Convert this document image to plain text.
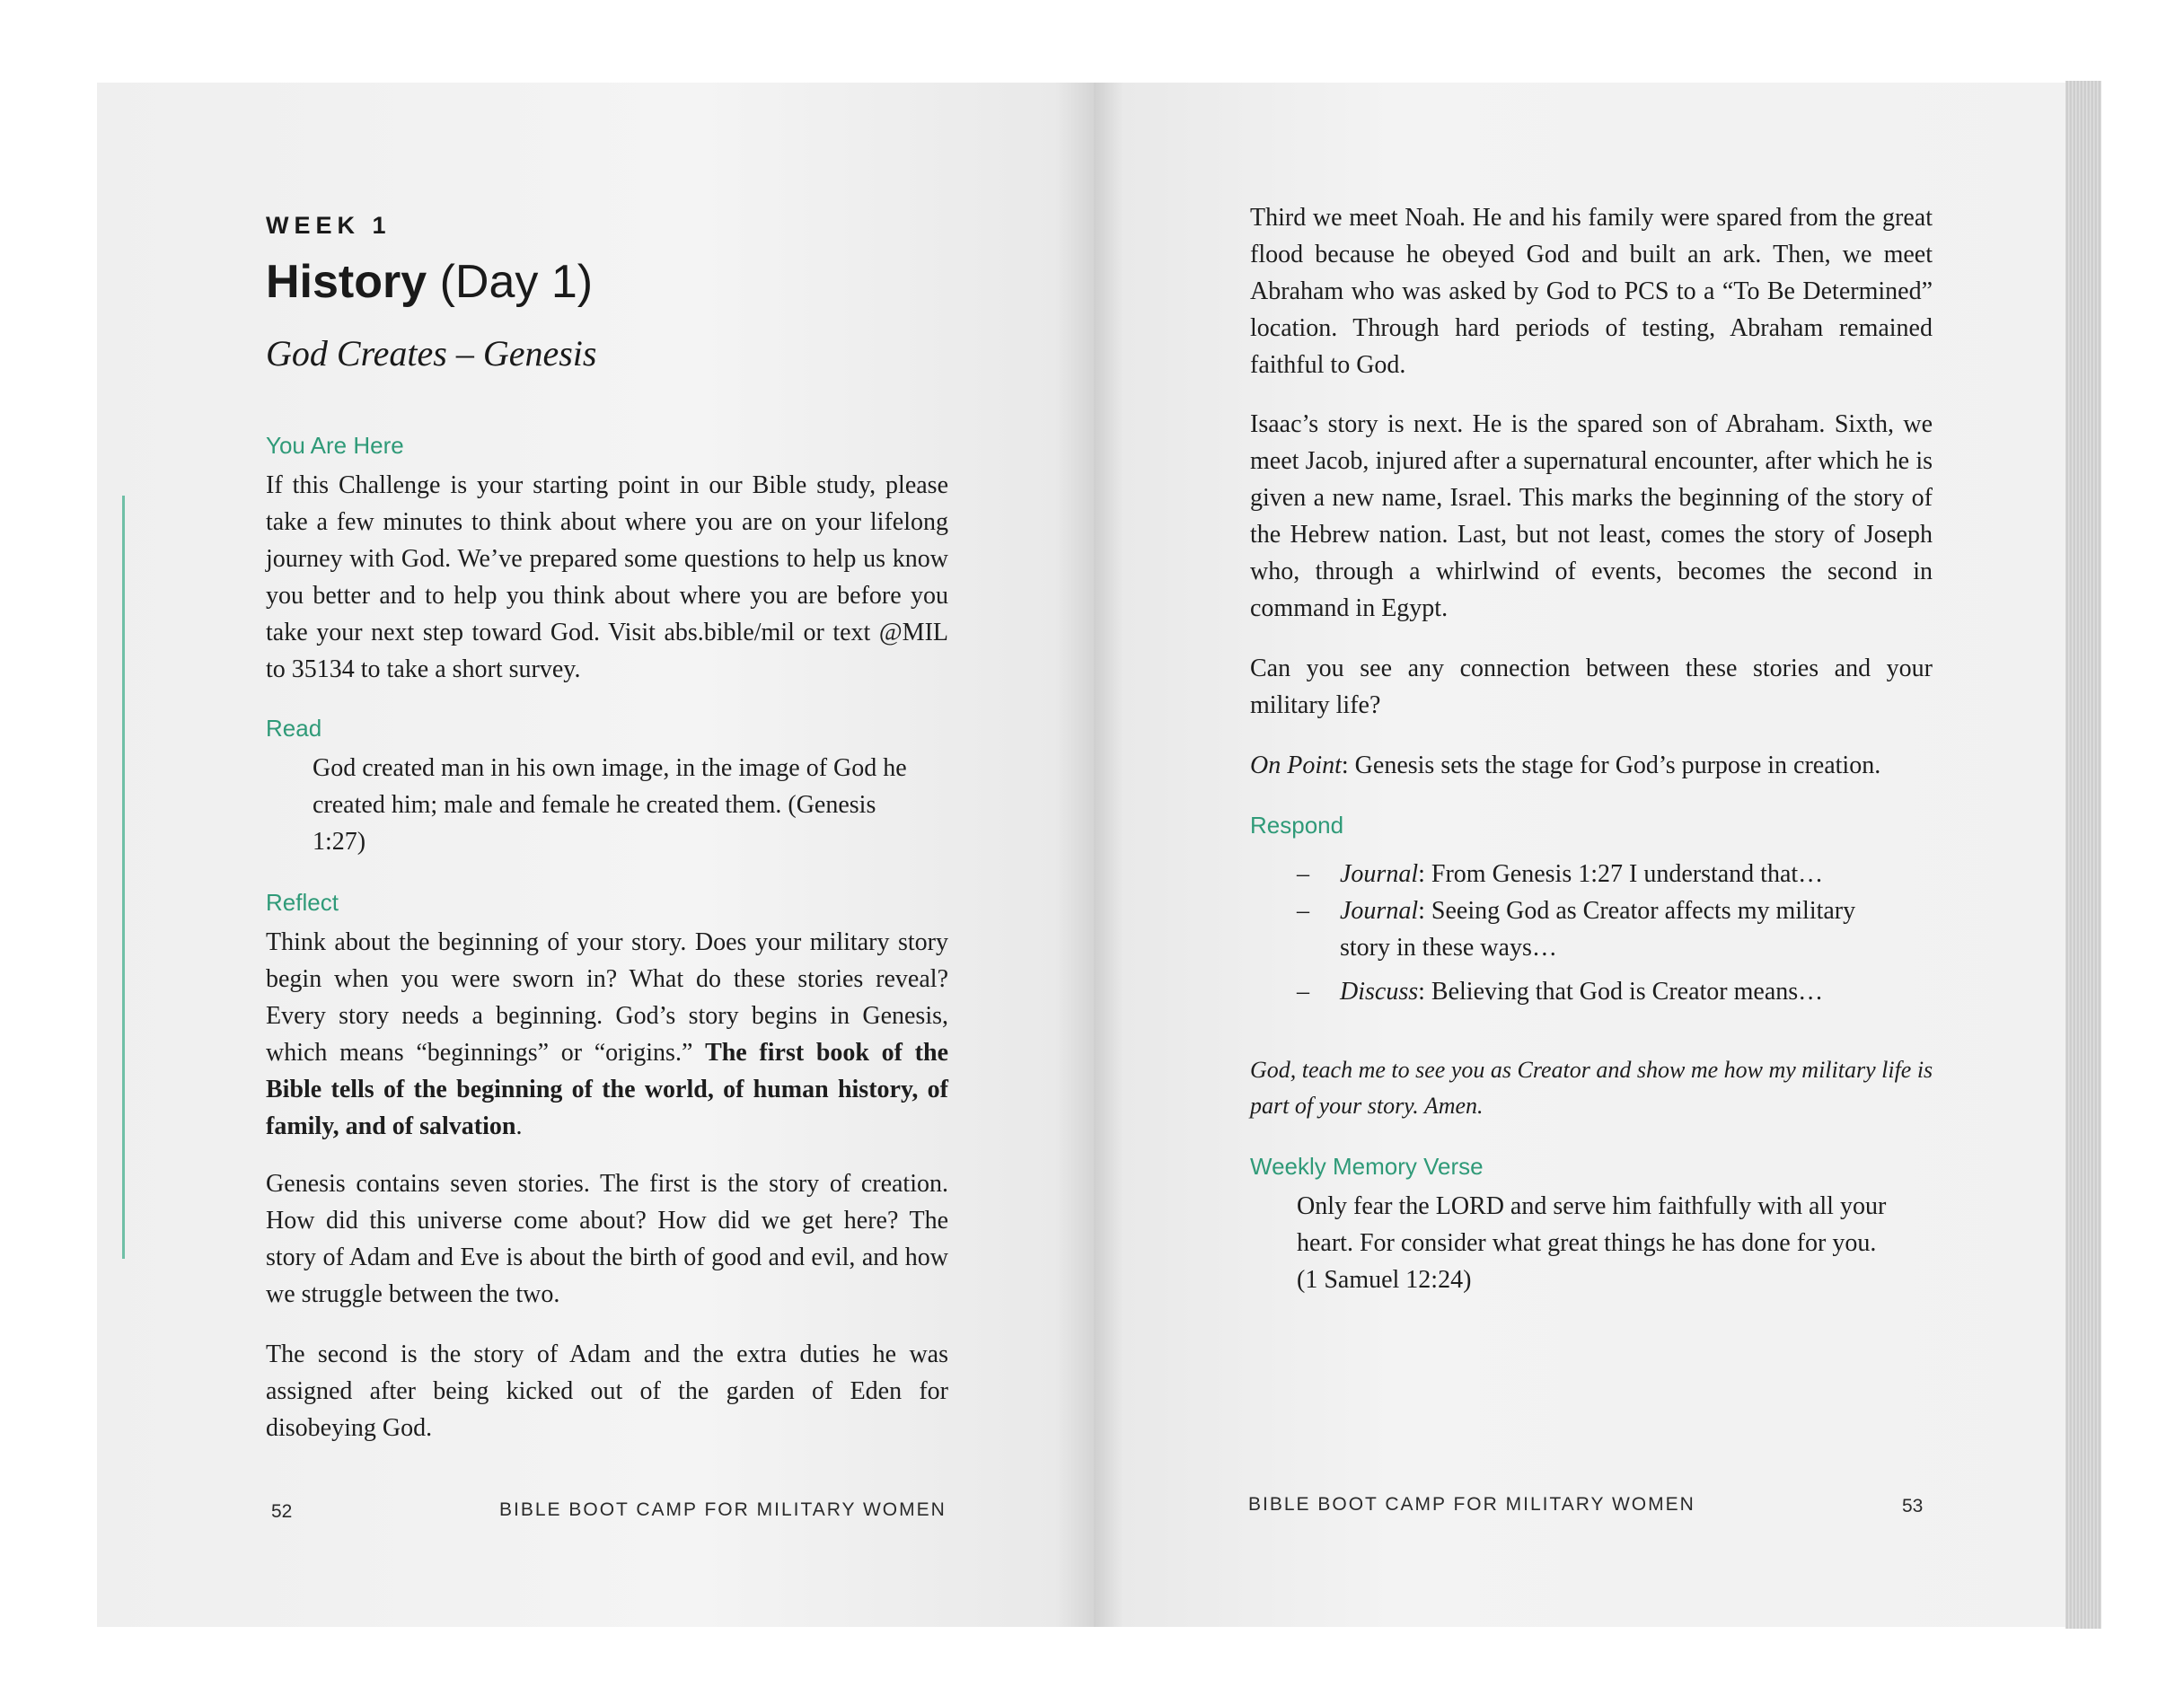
WEEK 1
History (Day 1)
God Creates – Genesis

You Are Here

If this Challenge is your starting point in our Bible study, please take a few minutes to think about where you are on your lifelong journey with God. We’ve prepared some questions to help us know you better and to help you think about where you are before you take your next step toward God. Visit abs.bible/mil or text @MIL to 35134 to take a short survey.

Read

God created man in his own image, in the image of God he created him; male and female he created them. (Genesis 1:27)

Reflect

Think about the beginning of your story. Does your military story begin when you were sworn in? What do these stories reveal? Every story needs a beginning. God’s story begins in Genesis, which means “beginnings” or “origins.” The first book of the Bible tells of the beginning of the world, of human history, of family, and of salvation.

Genesis contains seven stories. The first is the story of creation. How did this universe come about? How did we get here? The story of Adam and Eve is about the birth of good and evil, and how we struggle between the two.

The second is the story of Adam and the extra duties he was assigned after being kicked out of the garden of Eden for disobeying God.

52	BIBLE BOOT CAMP FOR MILITARY WOMEN

Third we meet Noah. He and his family were spared from the great flood because he obeyed God and built an ark. Then, we meet Abraham who was asked by God to PCS to a “To Be Determined” location. Through hard periods of testing, Abraham remained faithful to God.

Isaac’s story is next. He is the spared son of Abraham. Sixth, we meet Jacob, injured after a supernatural encounter, after which he is given a new name, Israel. This marks the beginning of the story of the Hebrew nation. Last, but not least, comes the story of Joseph who, through a whirlwind of events, becomes the second in command in Egypt.

Can you see any connection between these stories and your military life?

On Point: Genesis sets the stage for God’s purpose in creation.

Respond

–	Journal: From Genesis 1:27 I understand that…
–	Journal: Seeing God as Creator affects my military story in these ways…
–	Discuss: Believing that God is Creator means…

God, teach me to see you as Creator and show me how my military life is part of your story. Amen.

Weekly Memory Verse

Only fear the LORD and serve him faithfully with all your heart. For consider what great things he has done for you. (1 Samuel 12:24)

BIBLE BOOT CAMP FOR MILITARY WOMEN	53
